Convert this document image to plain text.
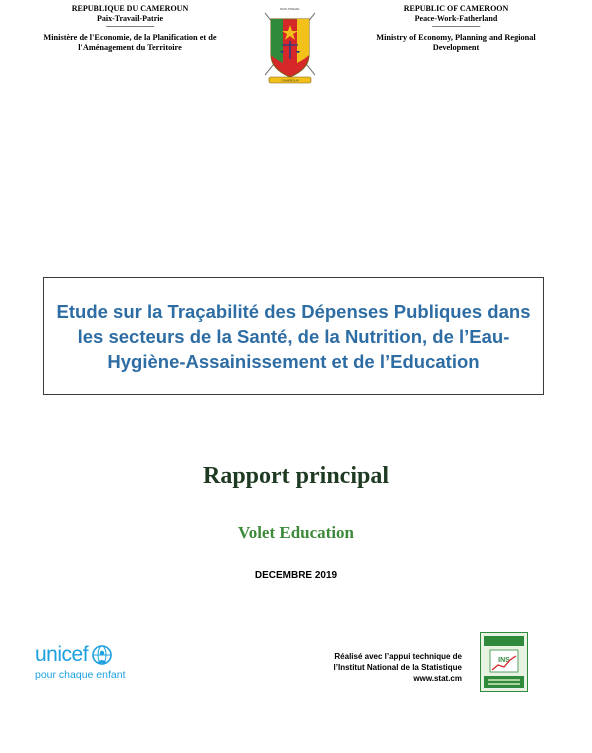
REPUBLIQUE DU CAMEROUN
Paix-Travail-Patrie
--------------------------------
Ministère de l'Economie, de la Planification et de l'Aménagement du Territoire
PAIX-TRAVAIL
CAMEROUN
REPUBLIC OF CAMEROON
Peace-Work-Fatherland
--------------------------------
Ministry of Economy, Planning and Regional Development
Etude sur la Traçabilité des Dépenses Publiques dans les secteurs de la Santé, de la Nutrition, de l’Eau-Hygiène-Assainissement et de l’Education
Rapport principal
Volet Education
DECEMBRE 2019
unicef
pour chaque enfant
Réalisé avec l’appui technique de
l’Institut National de la Statistique
www.stat.cm
INS
